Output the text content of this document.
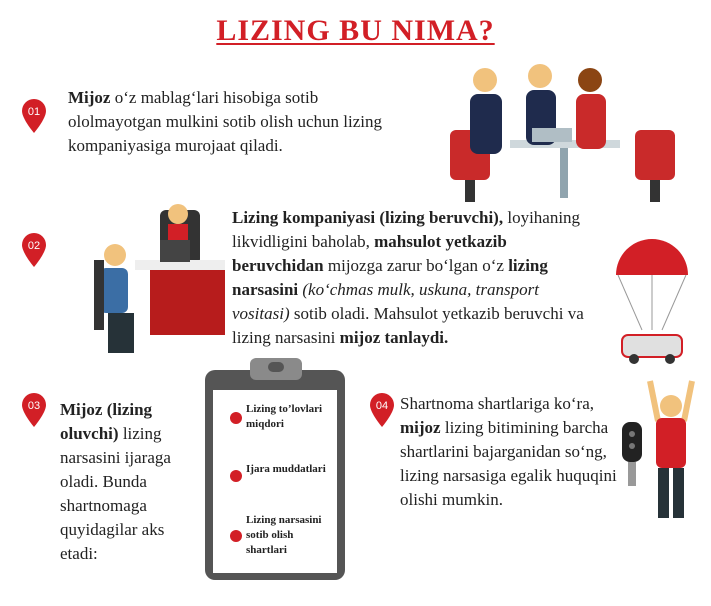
LIZING BU NIMA?
01
02
03	04
Mijoz o‘z mablag‘lari hisobiga sotib ololmayotgan mulkini sotib olish uchun lizing kompaniyasiga murojaat qiladi.
Lizing kompaniyasi (lizing beruvchi), loyihaning likvidligini baholab, mahsulot yetkazib beruvchidan mijozga zarur bo‘lgan o‘z lizing narsasini (ko‘chmas mulk, uskuna, transport vositasi) sotib oladi. Mahsulot yetkazib beruvchi va lizing narsasini mijoz tanlaydi.
Mijoz (lizing oluvchi) lizing narsasini ijaraga oladi. Bunda shartnomaga quyidagilar aks etadi:
Lizing to’lovlari miqdori
Ijara muddatlari
Lizing narsasini sotib olish shartlari
Shartnoma shartlariga ko‘ra, mijoz lizing bitimining barcha shartlarini bajarganidan so‘ng, lizing narsasiga egalik huquqini olishi mumkin.
